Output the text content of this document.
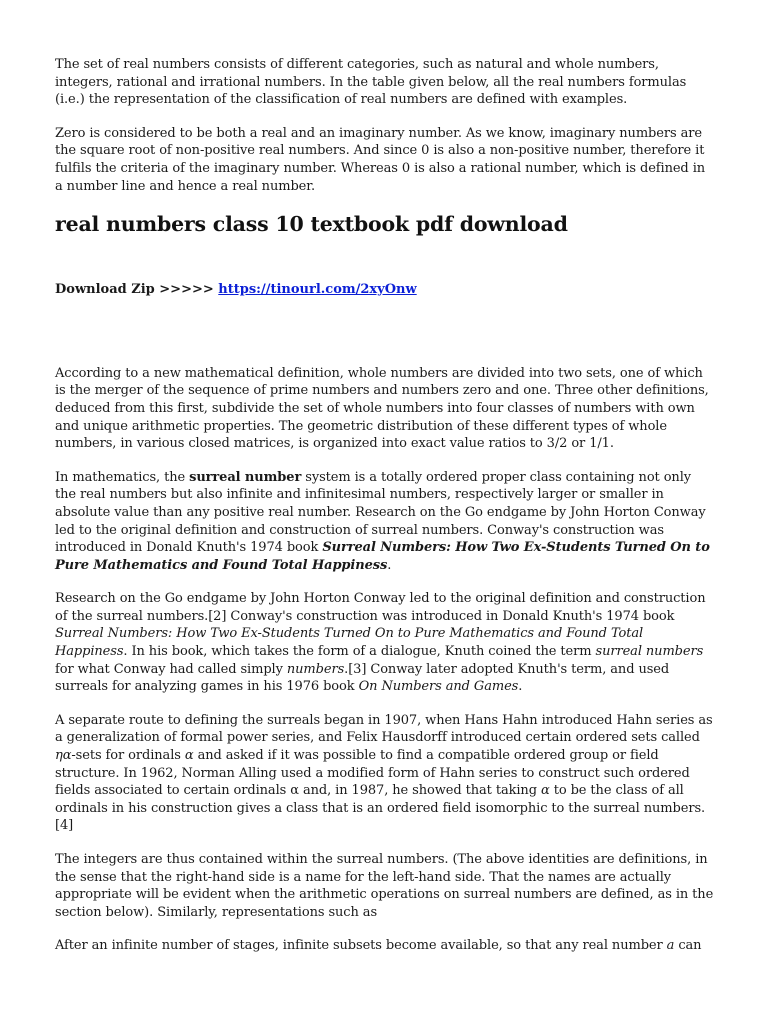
The set of real numbers consists of different categories, such as natural and whole numbers, integers, rational and irrational numbers. In the table given below, all the real numbers formulas (i.e.) the representation of the classification of real numbers are defined with examples.

Zero is considered to be both a real and an imaginary number. As we know, imaginary numbers are the square root of non-positive real numbers. And since 0 is also a non-positive number, therefore it fulfils the criteria of the imaginary number. Whereas 0 is also a rational number, which is defined in a number line and hence a real number.

real numbers class 10 textbook pdf download
Download Zip >>>>> https://tinourl.com/2xyOnw

According to a new mathematical definition, whole numbers are divided into two sets, one of which is the merger of the sequence of prime numbers and numbers zero and one. Three other definitions, deduced from this first, subdivide the set of whole numbers into four classes of numbers with own and unique arithmetic properties. The geometric distribution of these different types of whole numbers, in various closed matrices, is organized into exact value ratios to 3/2 or 1/1.

In mathematics, the surreal number system is a totally ordered proper class containing not only the real numbers but also infinite and infinitesimal numbers, respectively larger or smaller in absolute value than any positive real number. Research on the Go endgame by John Horton Conway led to the original definition and construction of surreal numbers. Conway's construction was introduced in Donald Knuth's 1974 book Surreal Numbers: How Two Ex-Students Turned On to Pure Mathematics and Found Total Happiness.

Research on the Go endgame by John Horton Conway led to the original definition and construction of the surreal numbers.[2] Conway's construction was introduced in Donald Knuth's 1974 book Surreal Numbers: How Two Ex-Students Turned On to Pure Mathematics and Found Total Happiness. In his book, which takes the form of a dialogue, Knuth coined the term surreal numbers for what Conway had called simply numbers.[3] Conway later adopted Knuth's term, and used surreals for analyzing games in his 1976 book On Numbers and Games.

A separate route to defining the surreals began in 1907, when Hans Hahn introduced Hahn series as a generalization of formal power series, and Felix Hausdorff introduced certain ordered sets called ηα-sets for ordinals α and asked if it was possible to find a compatible ordered group or field structure. In 1962, Norman Alling used a modified form of Hahn series to construct such ordered fields associated to certain ordinals α and, in 1987, he showed that taking α to be the class of all ordinals in his construction gives a class that is an ordered field isomorphic to the surreal numbers.[4]

The integers are thus contained within the surreal numbers. (The above identities are definitions, in the sense that the right-hand side is a name for the left-hand side. That the names are actually appropriate will be evident when the arithmetic operations on surreal numbers are defined, as in the section below). Similarly, representations such as

After an infinite number of stages, infinite subsets become available, so that any real number a can
